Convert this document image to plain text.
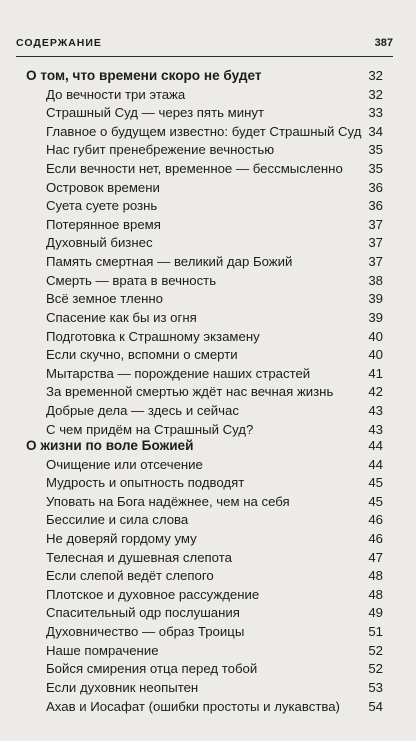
СОДЕРЖАНИЕ	387
О том, что времени скоро не будет	32
До вечности три этажа	32
Страшный Суд — через пять минут	33
Главное о будущем известно: будет Страшный Суд 34
Нас губит пренебрежение вечностью	35
Если вечности нет, временное — бессмысленно 35
Островок времени	36
Суета суете рознь	36
Потерянное время	37
Духовный бизнес	37
Память смертная — великий дар Божий	37
Смерть — врата в вечность	38
Всё земное тленно	39
Спасение как бы из огня	39
Подготовка к Страшному экзамену	40
Если скучно, вспомни о смерти	40
Мытарства — порождение наших страстей	41
За временной смертью ждёт нас вечная жизнь	42
Добрые дела — здесь и сейчас	43
С чем придём на Страшный Суд?	43
О жизни по воле Божией	44
Очищение или отсечение	44
Мудрость и опытность подводят	45
Уповать на Бога надёжнее, чем на себя	45
Бессилие и сила слова	46
Не доверяй гордому уму	46
Телесная и душевная слепота	47
Если слепой ведёт слепого	48
Плотское и духовное рассуждение	48
Спасительный одр послушания	49
Духовничество — образ Троицы	51
Наше помрачение	52
Бойся смирения отца перед тобой	52
Если духовник неопытен	53
Ахав и Иосафат (ошибки простоты и лукавства) 54
